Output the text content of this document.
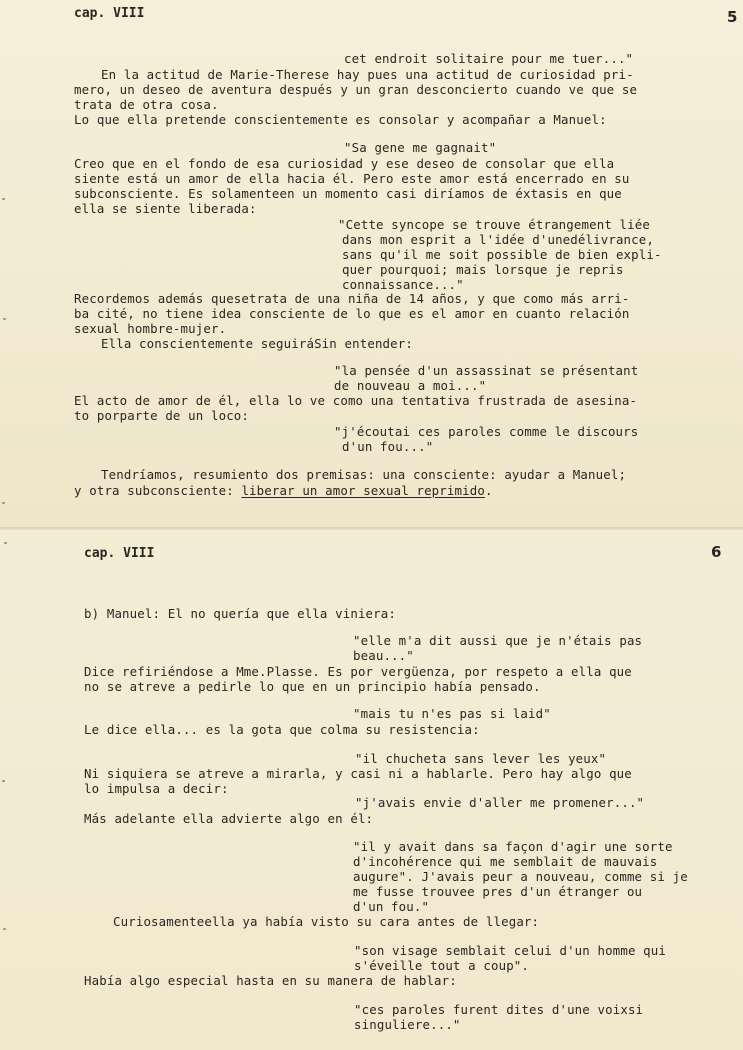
cap. VIII	5
cet endroit solitaire pour me tuer..."
En la actitud de Marie-Therese hay pues una actitud de curiosidad pri-
mero, un deseo de aventura después y un gran desconcierto cuando ve que se
trata de otra cosa.
Lo que ella pretende conscientemente es consolar y acompañar a Manuel:
"Sa gene me gagnait"
Creo que en el fondo de esa curiosidad y ese deseo de consolar que ella
siente está un amor de ella hacia él. Pero este amor está encerrado en su
subconsciente. Es solamenteen un momento casi diríamos de éxtasis en que
ella se siente liberada:
"Cette syncope se trouve étrangement liée
dans mon esprit a l'idée d'unedélivrance,
sans qu'il me soit possible de bien expli-
quer pourquoi; mais lorsque je repris
connaissance..."
Recordemos además quesetrata de una niña de 14 años, y que como más arri-
ba cité, no tiene idea consciente de lo que es el amor en cuanto relación
sexual hombre-mujer.
Ella conscientemente seguiráSin entender:
"la pensée d'un assassinat se présentant
de nouveau a moi..."
El acto de amor de él, ella lo ve como una tentativa frustrada de asesina-
to porparte de un loco:
"j'écoutai ces paroles comme le discours
d'un fou..."
Tendríamos, resumiento dos premisas: una consciente: ayudar a Manuel;
y otra subconsciente: liberar un amor sexual reprimido.
cap. VIII	6
b) Manuel: El no quería que ella viniera:
"elle m'a dit aussi que je n'étais pas
beau..."
Dice refiriéndose a Mme.Plasse. Es por vergüenza, por respeto a ella que
no se atreve a pedirle lo que en un principio había pensado.
"mais tu n'es pas si laid"
Le dice ella... es la gota que colma su resistencia:
"il chucheta sans lever les yeux"
Ni siquiera se atreve a mirarla, y casi ni a hablarle. Pero hay algo que
lo impulsa a decir:
"j'avais envie d'aller me promener..."
Más adelante ella advierte algo en él:
"il y avait dans sa façon d'agir une sorte
d'incohérence qui me semblait de mauvais
augure". J'avais peur a nouveau, comme si je
me fusse trouvee pres d'un étranger ou
d'un fou."
Curiosamenteella ya había visto su cara antes de llegar:
"son visage semblait celui d'un homme qui
s'éveille tout a coup".
Había algo especial hasta en su manera de hablar:
"ces paroles furent dites d'une voixsi
singuliere..."
